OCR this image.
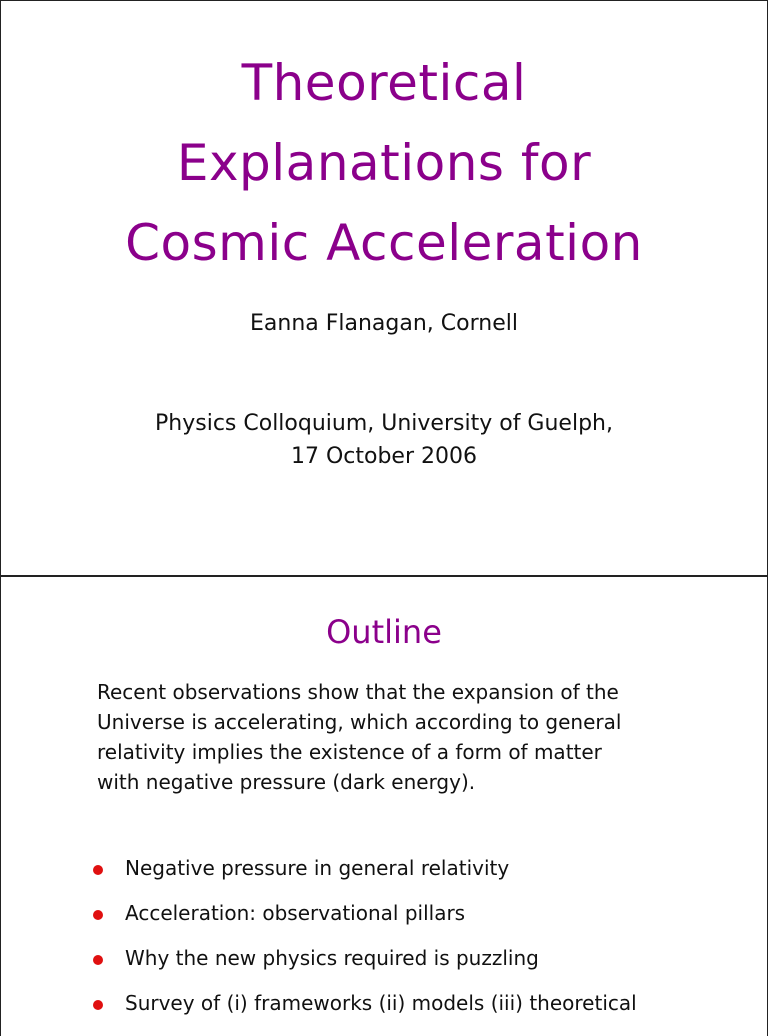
Theoretical
Explanations for
Cosmic Acceleration
Eanna Flanagan, Cornell
Physics Colloquium, University of Guelph,
17 October 2006
Outline
Recent observations show that the expansion of the
Universe is accelerating, which according to general
relativity implies the existence of a form of matter
with negative pressure (dark energy).
Negative pressure in general relativity
Acceleration: observational pillars
Why the new physics required is puzzling
Survey of (i) frameworks (ii) models (iii) theoretical
